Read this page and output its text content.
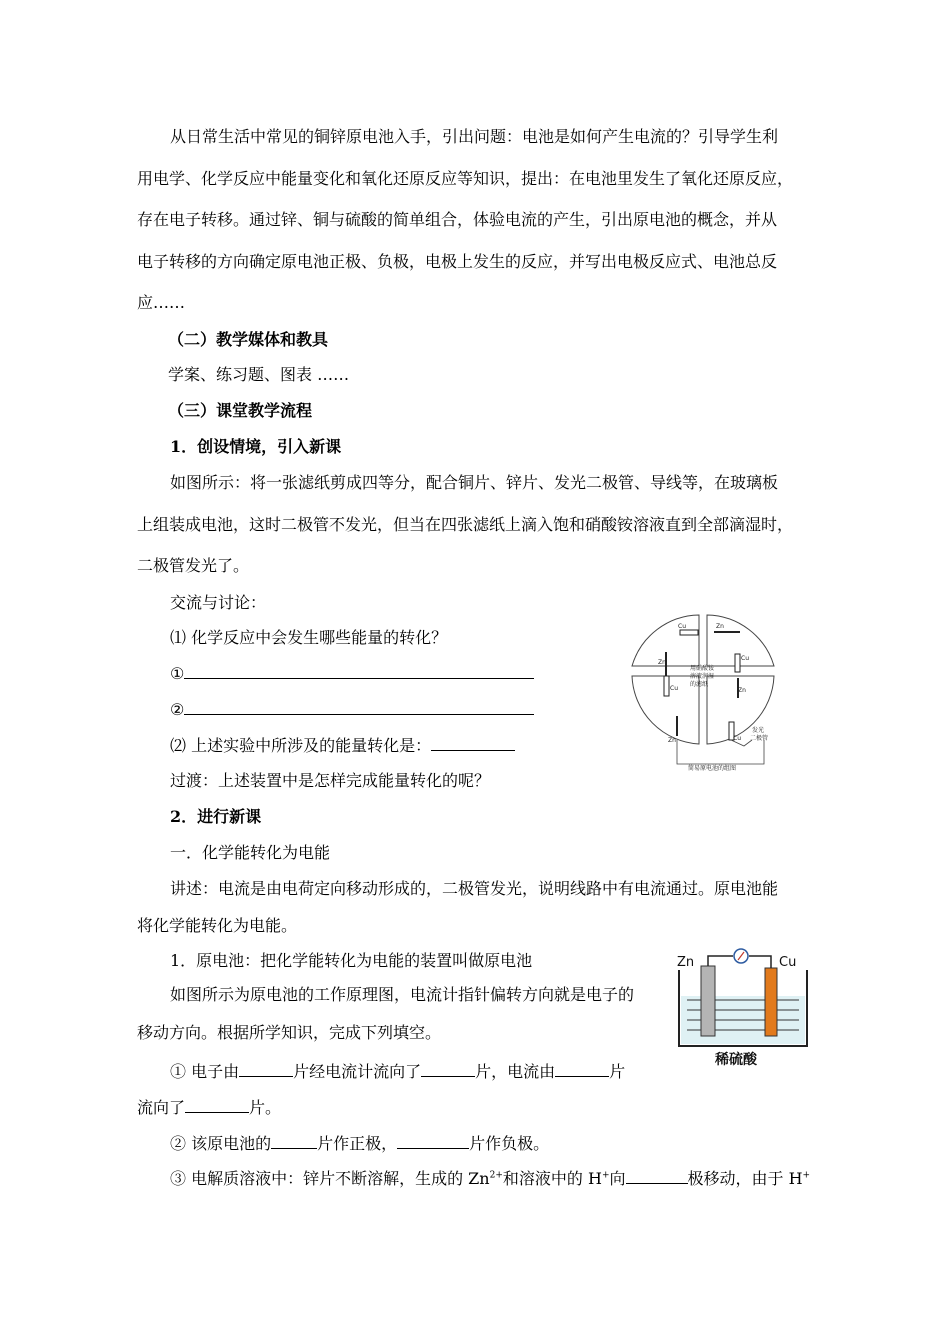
从日常生活中常见的铜锌原电池入手，引出问题：电池是如何产生电流的？引导学生利
用电学、化学反应中能量变化和氧化还原反应等知识，提出：在电池里发生了氧化还原反应，
存在电子转移。通过锌、铜与硫酸的简单组合，体验电流的产生，引出原电池的概念，并从
电子转移的方向确定原电池正极、负极，电极上发生的反应，并写出电极反应式、电池总反
应……
（二）教学媒体和教具
学案、练习题、图表 ……
（三）课堂教学流程
1．创设情境，引入新课
如图所示：将一张滤纸剪成四等分，配合铜片、锌片、发光二极管、导线等，在玻璃板
上组装成电池，这时二极管不发光，但当在四张滤纸上滴入饱和硝酸铵溶液直到全部滴湿时，
二极管发光了。
交流与讨论：
⑴ 化学反应中会发生哪些能量的转化？
①
②
⑵ 上述实验中所涉及的能量转化是：
过渡：上述装置中是怎样完成能量转化的呢？
Cu	Zn
Cu
Cu
Zn
Zn
Zn	Cu
用硝酸铵
溶液润湿
的滤纸
发光
二极管
简易原电池的组图
2．进行新课
一．化学能转化为电能
讲述：电流是由电荷定向移动形成的，二极管发光，说明线路中有电流通过。原电池能
将化学能转化为电能。
1．原电池：把化学能转化为电能的装置叫做原电池
如图所示为原电池的工作原理图，电流计指针偏转方向就是电子的
移动方向。根据所学知识，完成下列填空。
Zn	Cu
稀硫酸
① 电子由	片经电流计流向了	片，电流由	片
流向了	片。
② 该原电池的	片作正极，	片作负极。
③ 电解质溶液中：锌片不断溶解，生成的 $Zn^{2+}$和溶液中的 H+向	极移动，由于 H+
